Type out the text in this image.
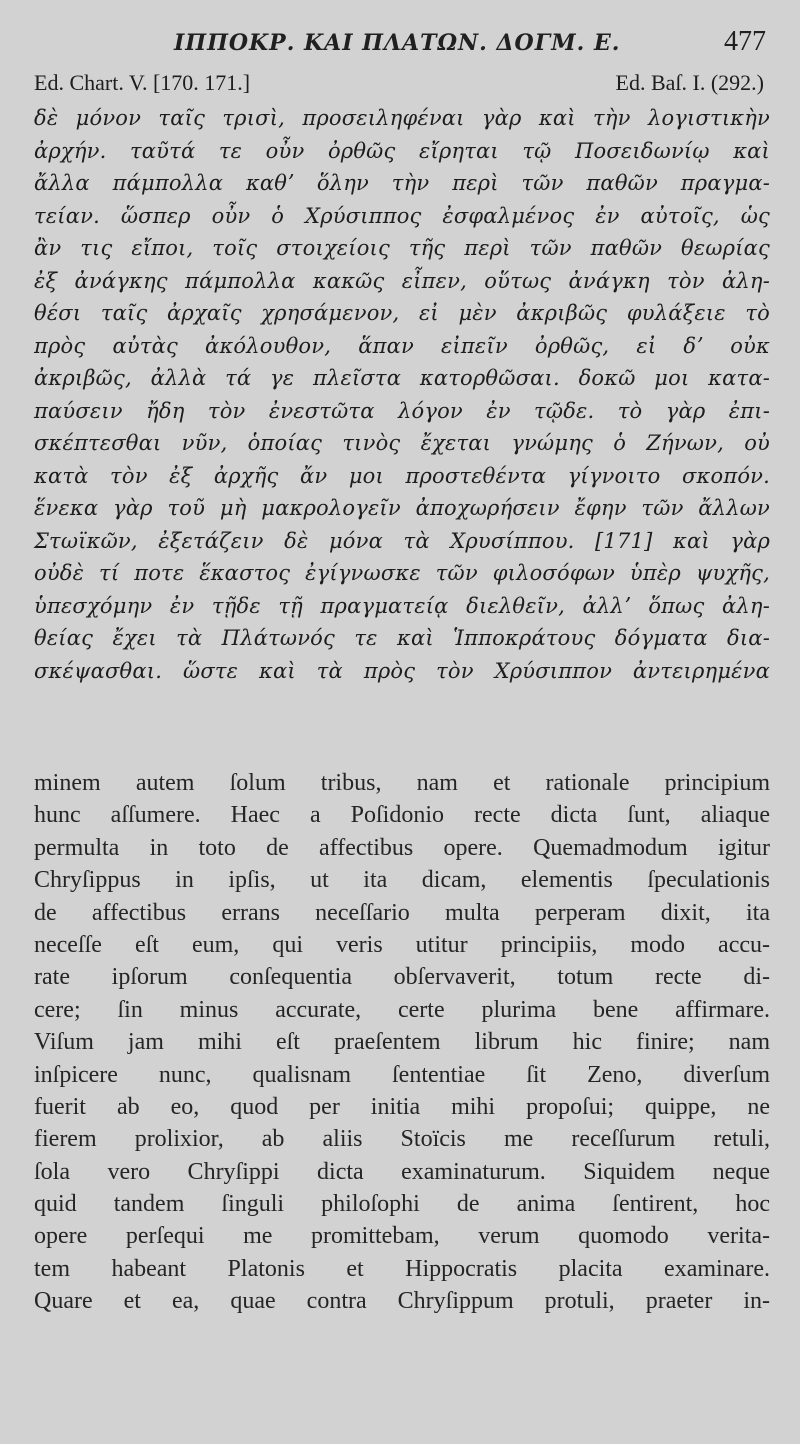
ΙΠΠΟΚΡ. ΚΑΙ ΠΛΑΤΩΝ. ΔΟΓΜ. Ε.	477
Ed. Chart. V. [170. 171.]	Ed. Baſ. I. (292.)
δὲ μόνον ταῖς τρισὶ, προσειληφέναι γὰρ καὶ τὴν λογιστικὴν
ἀρχήν. ταῦτά τε οὖν ὀρθῶς εἴρηται τῷ Ποσειδωνίῳ καὶ
ἄλλα πάμπολλα καθʼ ὅλην τὴν περὶ τῶν παθῶν πραγμα-
τείαν. ὥσπερ οὖν ὁ Χρύσιππος ἐσφαλμένος ἐν αὐτοῖς, ὡς
ἂν τις εἴποι, τοῖς στοιχείοις τῆς περὶ τῶν παθῶν θεωρίας
ἐξ ἀνάγκης πάμπολλα κακῶς εἶπεν, οὕτως ἀνάγκη τὸν ἀλη-
θέσι ταῖς ἀρχαῖς χρησάμενον, εἰ μὲν ἀκριβῶς φυλάξειε τὸ
πρὸς αὐτὰς ἀκόλουθον, ἅπαν εἰπεῖν ὀρθῶς, εἰ δʼ οὐκ
ἀκριβῶς, ἀλλὰ τά γε πλεῖστα κατορθῶσαι. δοκῶ μοι κατα-
παύσειν ἤδη τὸν ἐνεστῶτα λόγον ἐν τῷδε. τὸ γὰρ ἐπι-
σκέπτεσθαι νῦν, ὁποίας τινὸς ἔχεται γνώμης ὁ Ζήνων, οὐ
κατὰ τὸν ἐξ ἀρχῆς ἄν μοι προστεθέντα γίγνοιτο σκοπόν.
ἕνεκα γὰρ τοῦ μὴ μακρολογεῖν ἀποχωρήσειν ἔφην τῶν ἄλλων
Στωϊκῶν, ἐξετάζειν δὲ μόνα τὰ Χρυσίππου. [171] καὶ γὰρ
οὐδὲ τί ποτε ἕκαστος ἐγίγνωσκε τῶν φιλοσόφων ὑπὲρ ψυχῆς,
ὑπεσχόμην ἐν τῇδε τῇ πραγματείᾳ διελθεῖν, ἀλλʼ ὅπως ἀλη-
θείας ἔχει τὰ Πλάτωνός τε καὶ Ἱπποκράτους δόγματα δια-
σκέψασθαι. ὥστε καὶ τὰ πρὸς τὸν Χρύσιππον ἀντειρημένα
minem autem ſolum tribus, nam et rationale principium
hunc aſſumere. Haec a Poſidonio recte dicta ſunt, aliaque
permulta in toto de affectibus opere. Quemadmodum igitur
Chryſippus in ipſis, ut ita dicam, elementis ſpeculationis
de affectibus errans neceſſario multa perperam dixit, ita
neceſſe eſt eum, qui veris utitur principiis, modo accu-
rate ipſorum conſequentia obſervaverit, totum recte di-
cere; ſin minus accurate, certe plurima bene affirmare.
Viſum jam mihi eſt praeſentem librum hic finire; nam
inſpicere nunc, qualisnam ſententiae ſit Zeno, diverſum
fuerit ab eo, quod per initia mihi propoſui; quippe, ne
fierem prolixior, ab aliis Stoïcis me receſſurum retuli,
ſola vero Chryſippi dicta examinaturum. Siquidem neque
quid tandem ſinguli philoſophi de anima ſentirent, hoc
opere perſequi me promittebam, verum quomodo verita-
tem habeant Platonis et Hippocratis placita examinare.
Quare et ea, quae contra Chryſippum protuli, praeter in-
